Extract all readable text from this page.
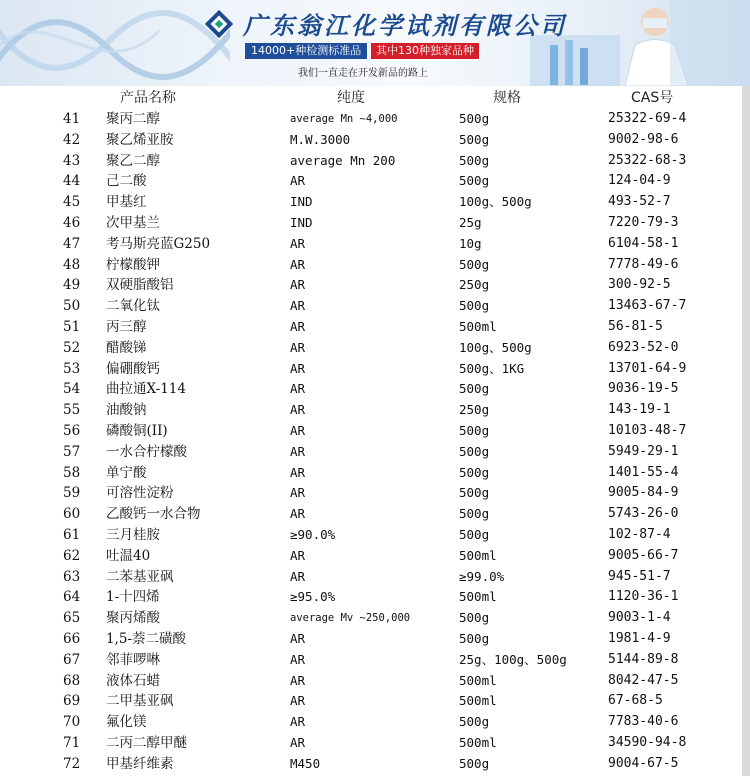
广东翁江化学试剂有限公司
14000+种检测标准品	其中130种独家品种
我们一直走在开发新品的路上
产品名称	纯度	规格	CAS号
41 聚丙二醇	average Mn ~4,000	500g	25322-69-4
42 聚乙烯亚胺	M.W.3000	500g	9002-98-6
43 聚乙二醇	average Mn 200	500g	25322-68-3
44 己二酸	AR	500g	124-04-9
45 甲基红	IND	100g、500g	493-52-7
46 次甲基兰	IND	25g	7220-79-3
47 考马斯亮蓝G250	AR	10g	6104-58-1
48 柠檬酸钾	AR	500g	7778-49-6
49 双硬脂酸铝	AR	250g	300-92-5
50 二氧化钛	AR	500g	13463-67-7
51 丙三醇	AR	500ml	56-81-5
52 醋酸锑	AR	100g、500g	6923-52-0
53 偏硼酸钙	AR	500g、1KG	13701-64-9
54 曲拉通X-114	AR	500g	9036-19-5
55 油酸钠	AR	250g	143-19-1
56 磷酸铜(II)	AR	500g	10103-48-7
57 一水合柠檬酸	AR	500g	5949-29-1
58 单宁酸	AR	500g	1401-55-4
59 可溶性淀粉	AR	500g	9005-84-9
60 乙酸钙一水合物	AR	500g	5743-26-0
61 三月桂胺	≥90.0%	500g	102-87-4
62 吐温40	AR	500ml	9005-66-7
63 二苯基亚砜	AR	≥99.0%	945-51-7
64 1-十四烯	≥95.0%	500ml	1120-36-1
65 聚丙烯酸	average Mv ~250,000	500g	9003-1-4
66 1,5-萘二磺酸	AR	500g	1981-4-9
67 邻菲啰啉	AR	25g、100g、500g	5144-89-8
68 液体石蜡	AR	500ml	8042-47-5
69 二甲基亚砜	AR	500ml	67-68-5
70 氟化镁	AR	500g	7783-40-6
71 二丙二醇甲醚	AR	500ml	34590-94-8
72 甲基纤维素	M450	500g	9004-67-5
